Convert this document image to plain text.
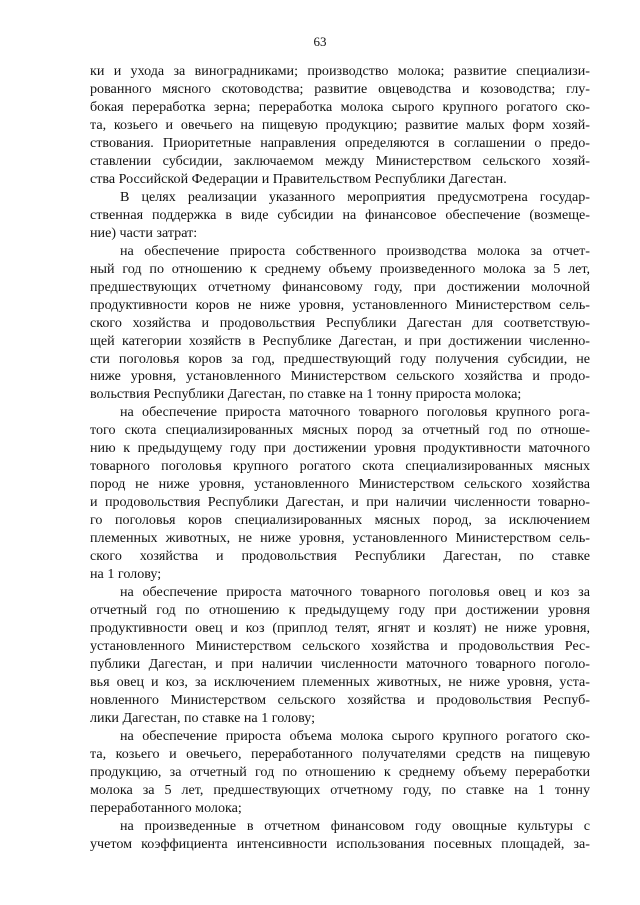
63
ки и ухода за виноградниками; производство молока; развитие специализи-
рованного мясного скотоводства; развитие овцеводства и козоводства; глу-
бокая переработка зерна; переработка молока сырого крупного рогатого ско-
та, козьего и овечьего на пищевую продукцию; развитие малых форм хозяй-
ствования. Приоритетные направления определяются в соглашении о предо-
ставлении субсидии, заключаемом между Министерством сельского хозяй-
ства Российской Федерации и Правительством Республики Дагестан.
В целях реализации указанного мероприятия предусмотрена государ-
ственная поддержка в виде субсидии на финансовое обеспечение (возмеще-
ние) части затрат:
на обеспечение прироста собственного производства молока за отчет-
ный год по отношению к среднему объему произведенного молока за 5 лет,
предшествующих отчетному финансовому году, при достижении молочной
продуктивности коров не ниже уровня, установленного Министерством сель-
ского хозяйства и продовольствия Республики Дагестан для соответствую-
щей категории хозяйств в Республике Дагестан, и при достижении численно-
сти поголовья коров за год, предшествующий году получения субсидии, не
ниже уровня, установленного Министерством сельского хозяйства и продо-
вольствия Республики Дагестан, по ставке на 1 тонну прироста молока;
на обеспечение прироста маточного товарного поголовья крупного рога-
того скота специализированных мясных пород за отчетный год по отноше-
нию к предыдущему году при достижении уровня продуктивности маточного
товарного поголовья крупного рогатого скота специализированных мясных
пород не ниже уровня, установленного Министерством сельского хозяйства
и продовольствия Республики Дагестан, и при наличии численности товарно-
го поголовья коров специализированных мясных пород, за исключением
племенных животных, не ниже уровня, установленного Министерством сель-
ского хозяйства и продовольствия Республики Дагестан, по ставке
на 1 голову;
на обеспечение прироста маточного товарного поголовья овец и коз за
отчетный год по отношению к предыдущему году при достижении уровня
продуктивности овец и коз (приплод телят, ягнят и козлят) не ниже уровня,
установленного Министерством сельского хозяйства и продовольствия Рес-
публики Дагестан, и при наличии численности маточного товарного поголо-
вья овец и коз, за исключением племенных животных, не ниже уровня, уста-
новленного Министерством сельского хозяйства и продовольствия Респуб-
лики Дагестан, по ставке на 1 голову;
на обеспечение прироста объема молока сырого крупного рогатого ско-
та, козьего и овечьего, переработанного получателями средств на пищевую
продукцию, за отчетный год по отношению к среднему объему переработки
молока за 5 лет, предшествующих отчетному году, по ставке на 1 тонну
переработанного молока;
на произведенные в отчетном финансовом году овощные культуры с
учетом коэффициента интенсивности использования посевных площадей, за-
